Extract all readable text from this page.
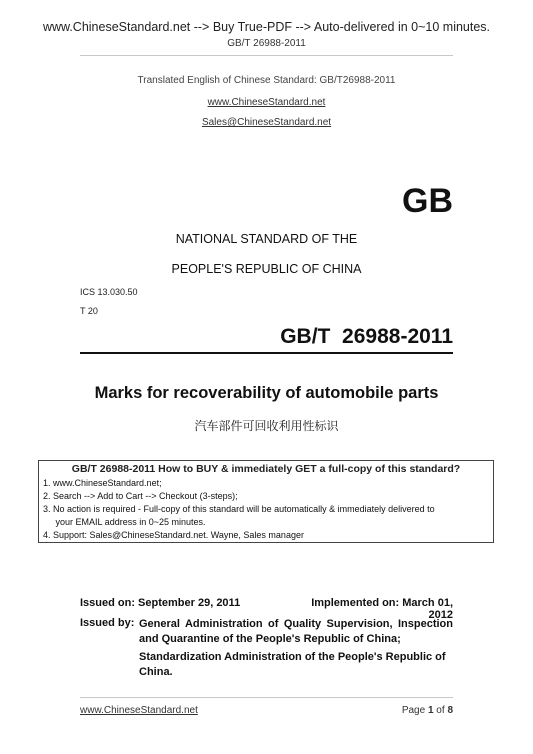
www.ChineseStandard.net --> Buy True-PDF --> Auto-delivered in 0~10 minutes.
GB/T 26988-2011
Translated English of Chinese Standard: GB/T26988-2011
www.ChineseStandard.net
Sales@ChineseStandard.net
GB
NATIONAL STANDARD OF THE
PEOPLE'S REPUBLIC OF CHINA
ICS 13.030.50
T 20
GB/T  26988-2011
Marks for recoverability of automobile parts
汽车部件可回收利用性标识
GB/T 26988-2011 How to BUY & immediately GET a full-copy of this standard?
1. www.ChineseStandard.net;
2. Search --> Add to Cart --> Checkout (3-steps);
3. No action is required - Full-copy of this standard will be automatically & immediately delivered to
your EMAIL address in 0~25 minutes.
4. Support: Sales@ChineseStandard.net. Wayne, Sales manager
Issued on: September 29, 2011	Implemented on: March 01, 2012
Issued by: General Administration of Quality Supervision, Inspection and Quarantine of the People's Republic of China;
Standardization Administration of the People's Republic of China.
www.ChineseStandard.net	Page 1 of 8
